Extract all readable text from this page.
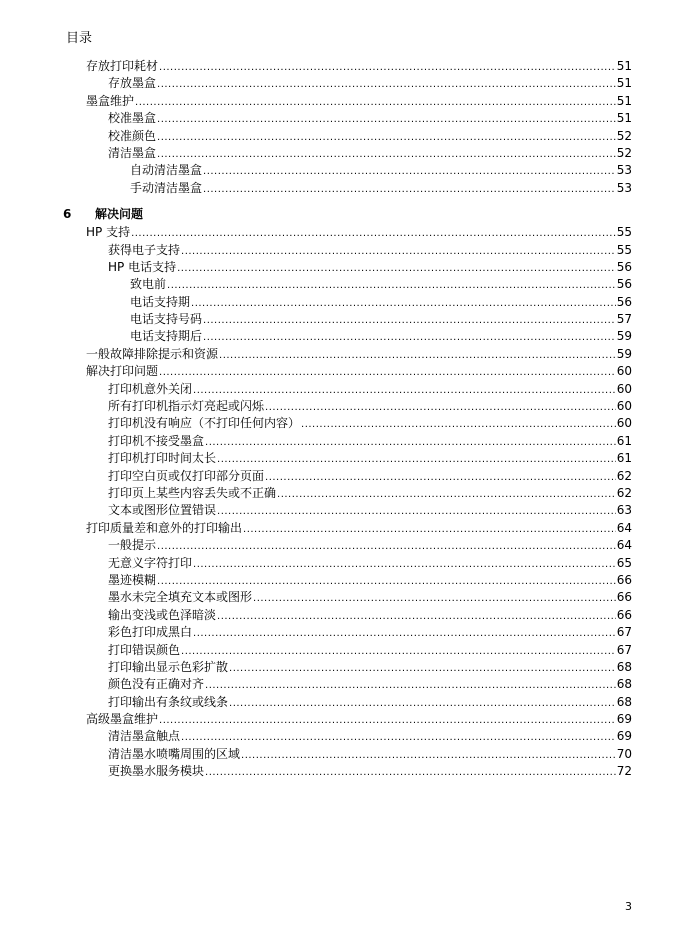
目录
存放打印耗材 .....	51
存放墨盒 .....	51
墨盒维护 .....	51
校准墨盒 .....	51
校准颜色 .....	52
清洁墨盒 .....	52
自动清洁墨盒 .....	53
手动清洁墨盒 .....	53
6 解决问题
HP 支持 .....	55
获得电子支持 .....	55
HP 电话支持 .....	56
致电前 .....	56
电话支持期 .....	56
电话支持号码 .....	57
电话支持期后 .....	59
一般故障排除提示和资源 .....	59
解决打印问题 .....	60
打印机意外关闭 .....	60
所有打印机指示灯亮起或闪烁 .....	60
打印机没有响应（不打印任何内容） .....	60
打印机不接受墨盒 .....	61
打印机打印时间太长 .....	61
打印空白页或仅打印部分页面 .....	62
打印页上某些内容丢失或不正确 .....	62
文本或图形位置错误 .....	63
打印质量差和意外的打印输出 .....	64
一般提示 .....	64
无意义字符打印 .....	65
墨迹模糊 .....	66
墨水未完全填充文本或图形 .....	66
输出变浅或色泽暗淡 .....	66
彩色打印成黑白 .....	67
打印错误颜色 .....	67
打印输出显示色彩扩散 .....	68
颜色没有正确对齐 .....	68
打印输出有条纹或线条 .....	68
高级墨盒维护 .....	69
清洁墨盒触点 .....	69
清洁墨水喷嘴周围的区域 .....	70
更换墨水服务模块 .....	72
3
